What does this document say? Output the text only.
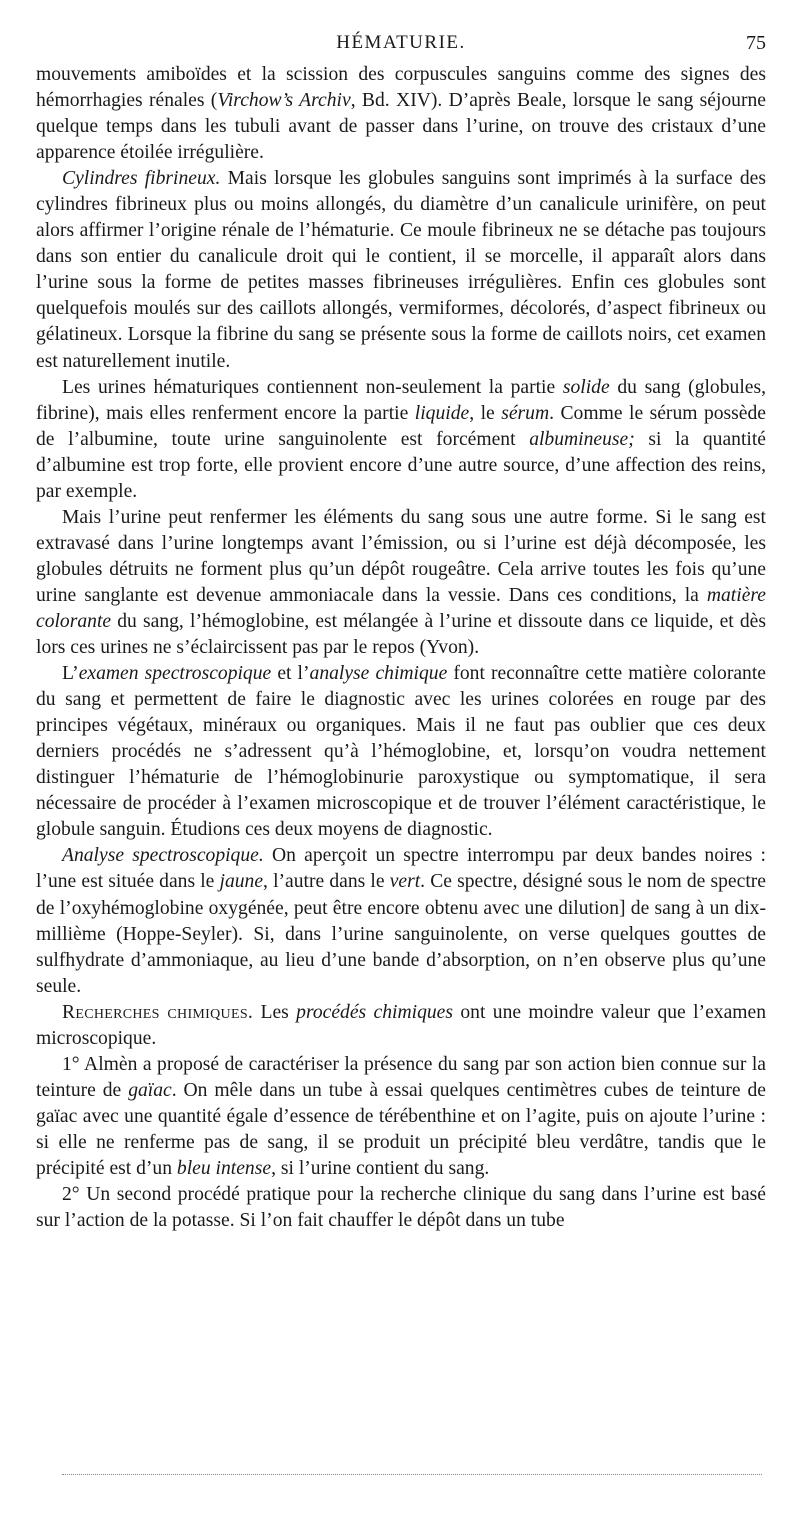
HÉMATURIE.	75

mouvements amiboïdes et la scission des corpuscules sanguins comme des signes des hémorrhagies rénales (Virchow’s Archiv, Bd. XIV). D’après Beale, lorsque le sang séjourne quelque temps dans les tubuli avant de passer dans l’urine, on trouve des cristaux d’une apparence étoilée irrégulière.

Cylindres fibrineux. Mais lorsque les globules sanguins sont imprimés à la surface des cylindres fibrineux plus ou moins allongés, du diamètre d’un canalicule urinifère, on peut alors affirmer l’origine rénale de l’hématurie. Ce moule fibrineux ne se détache pas toujours dans son entier du canalicule droit qui le contient, il se morcelle, il apparaît alors dans l’urine sous la forme de petites masses fibrineuses irrégulières. Enfin ces globules sont quelquefois moulés sur des caillots allongés, vermiformes, décolorés, d’aspect fibrineux ou gélatineux. Lorsque la fibrine du sang se présente sous la forme de caillots noirs, cet examen est naturellement inutile.

Les urines hématuriques contiennent non-seulement la partie solide du sang (globules, fibrine), mais elles renferment encore la partie liquide, le sérum. Comme le sérum possède de l’albumine, toute urine sanguinolente est forcément albumineuse; si la quantité d’albumine est trop forte, elle provient encore d’une autre source, d’une affection des reins, par exemple.

Mais l’urine peut renfermer les éléments du sang sous une autre forme. Si le sang est extravasé dans l’urine longtemps avant l’émission, ou si l’urine est déjà décomposée, les globules détruits ne forment plus qu’un dépôt rougeâtre. Cela arrive toutes les fois qu’une urine sanglante est devenue ammoniacale dans la vessie. Dans ces conditions, la matière colorante du sang, l’hémoglobine, est mélangée à l’urine et dissoute dans ce liquide, et dès lors ces urines ne s’éclaircissent pas par le repos (Yvon).

L’examen spectroscopique et l’analyse chimique font reconnaître cette matière colorante du sang et permettent de faire le diagnostic avec les urines colorées en rouge par des principes végétaux, minéraux ou organiques. Mais il ne faut pas oublier que ces deux derniers procédés ne s’adressent qu’à l’hémoglobine, et, lorsqu’on voudra nettement distinguer l’hématurie de l’hémoglobinurie paroxystique ou symptomatique, il sera nécessaire de procéder à l’examen microscopique et de trouver l’élément caractéristique, le globule sanguin. Étudions ces deux moyens de diagnostic.

Analyse spectroscopique. On aperçoit un spectre interrompu par deux bandes noires : l’une est située dans le jaune, l’autre dans le vert. Ce spectre, désigné sous le nom de spectre de l’oxyhémoglobine oxygénée, peut être encore obtenu avec une dilution] de sang à un dix-millième (Hoppe-Seyler). Si, dans l’urine sanguinolente, on verse quelques gouttes de sulfhydrate d’ammoniaque, au lieu d’une bande d’absorption, on n’en observe plus qu’une seule.

Recherches chimiques. Les procédés chimiques ont une moindre valeur que l’examen microscopique.

1° Almèn a proposé de caractériser la présence du sang par son action bien connue sur la teinture de gaïac. On mêle dans un tube à essai quelques centimètres cubes de teinture de gaïac avec une quantité égale d’essence de térébenthine et on l’agite, puis on ajoute l’urine : si elle ne renferme pas de sang, il se produit un précipité bleu verdâtre, tandis que le précipité est d’un bleu intense, si l’urine contient du sang.

2° Un second procédé pratique pour la recherche clinique du sang dans l’urine est basé sur l’action de la potasse. Si l’on fait chauffer le dépôt dans un tube
